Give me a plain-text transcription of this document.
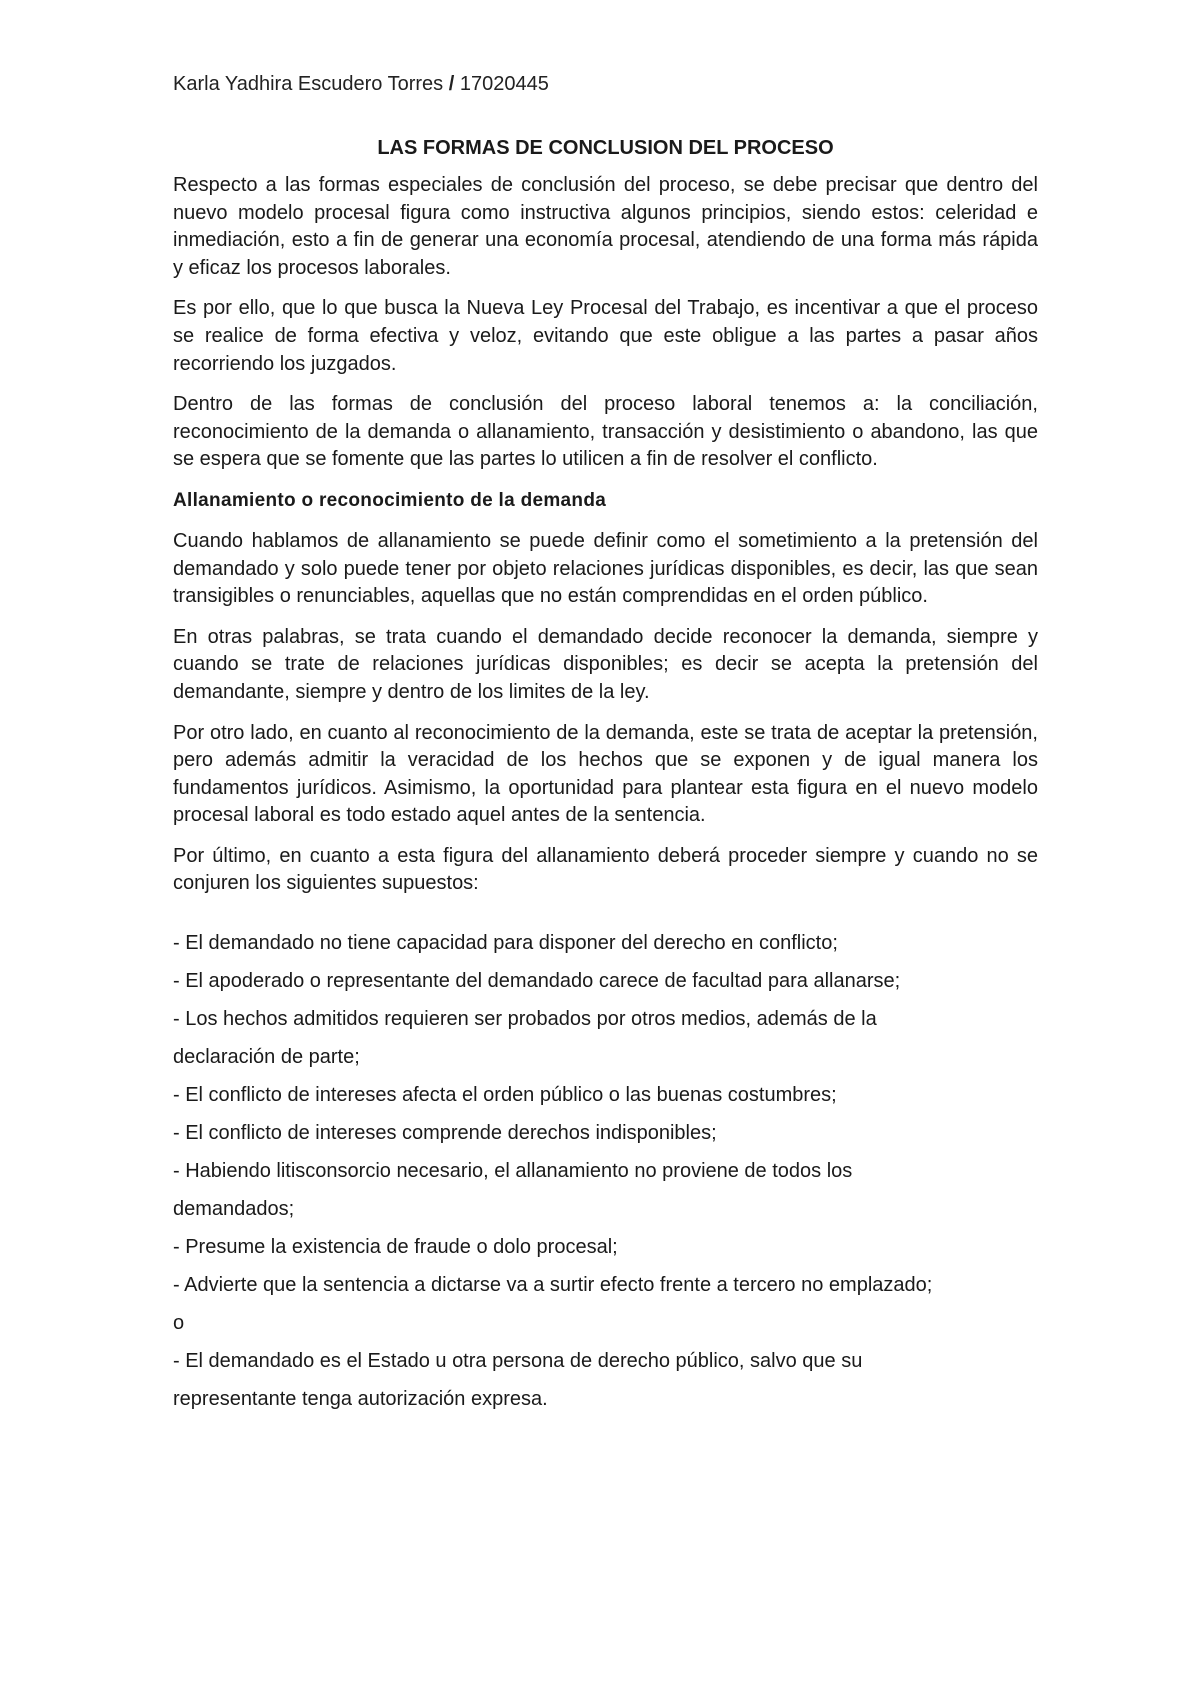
Karla Yadhira Escudero Torres / 17020445

LAS FORMAS DE CONCLUSION DEL PROCESO

Respecto a las formas especiales de conclusión del proceso, se debe precisar que dentro del nuevo modelo procesal figura como instructiva algunos principios, siendo estos: celeridad e inmediación, esto a fin de generar una economía procesal, atendiendo de una forma más rápida y eficaz los procesos laborales.

Es por ello, que lo que busca la Nueva Ley Procesal del Trabajo, es incentivar a que el proceso se realice de forma efectiva y veloz, evitando que este obligue a las partes a pasar años recorriendo los juzgados.

Dentro de las formas de conclusión del proceso laboral tenemos a: la conciliación, reconocimiento de la demanda o allanamiento, transacción y desistimiento o abandono, las que se espera que se fomente que las partes lo utilicen a fin de resolver el conflicto.

Allanamiento o reconocimiento de la demanda

Cuando hablamos de allanamiento se puede definir como el sometimiento a la pretensión del demandado y solo puede tener por objeto relaciones jurídicas disponibles, es decir, las que sean transigibles o renunciables, aquellas que no están comprendidas en el orden público.

En otras palabras, se trata cuando el demandado decide reconocer la demanda, siempre y cuando se trate de relaciones jurídicas disponibles; es decir se acepta la pretensión del demandante, siempre y dentro de los limites de la ley.

Por otro lado, en cuanto al reconocimiento de la demanda, este se trata de aceptar la pretensión, pero además admitir la veracidad de los hechos que se exponen y de igual manera los fundamentos jurídicos. Asimismo, la oportunidad para plantear esta figura en el nuevo modelo procesal laboral es todo estado aquel antes de la sentencia.

Por último, en cuanto a esta figura del allanamiento deberá proceder siempre y cuando no se conjuren los siguientes supuestos:

- El demandado no tiene capacidad para disponer del derecho en conflicto;
- El apoderado o representante del demandado carece de facultad para allanarse;
- Los hechos admitidos requieren ser probados por otros medios, además de la
declaración de parte;
- El conflicto de intereses afecta el orden público o las buenas costumbres;
- El conflicto de intereses comprende derechos indisponibles;
- Habiendo litisconsorcio necesario, el allanamiento no proviene de todos los
demandados;
- Presume la existencia de fraude o dolo procesal;
- Advierte que la sentencia a dictarse va a surtir efecto frente a tercero no emplazado;
o
- El demandado es el Estado u otra persona de derecho público, salvo que su
representante tenga autorización expresa.
